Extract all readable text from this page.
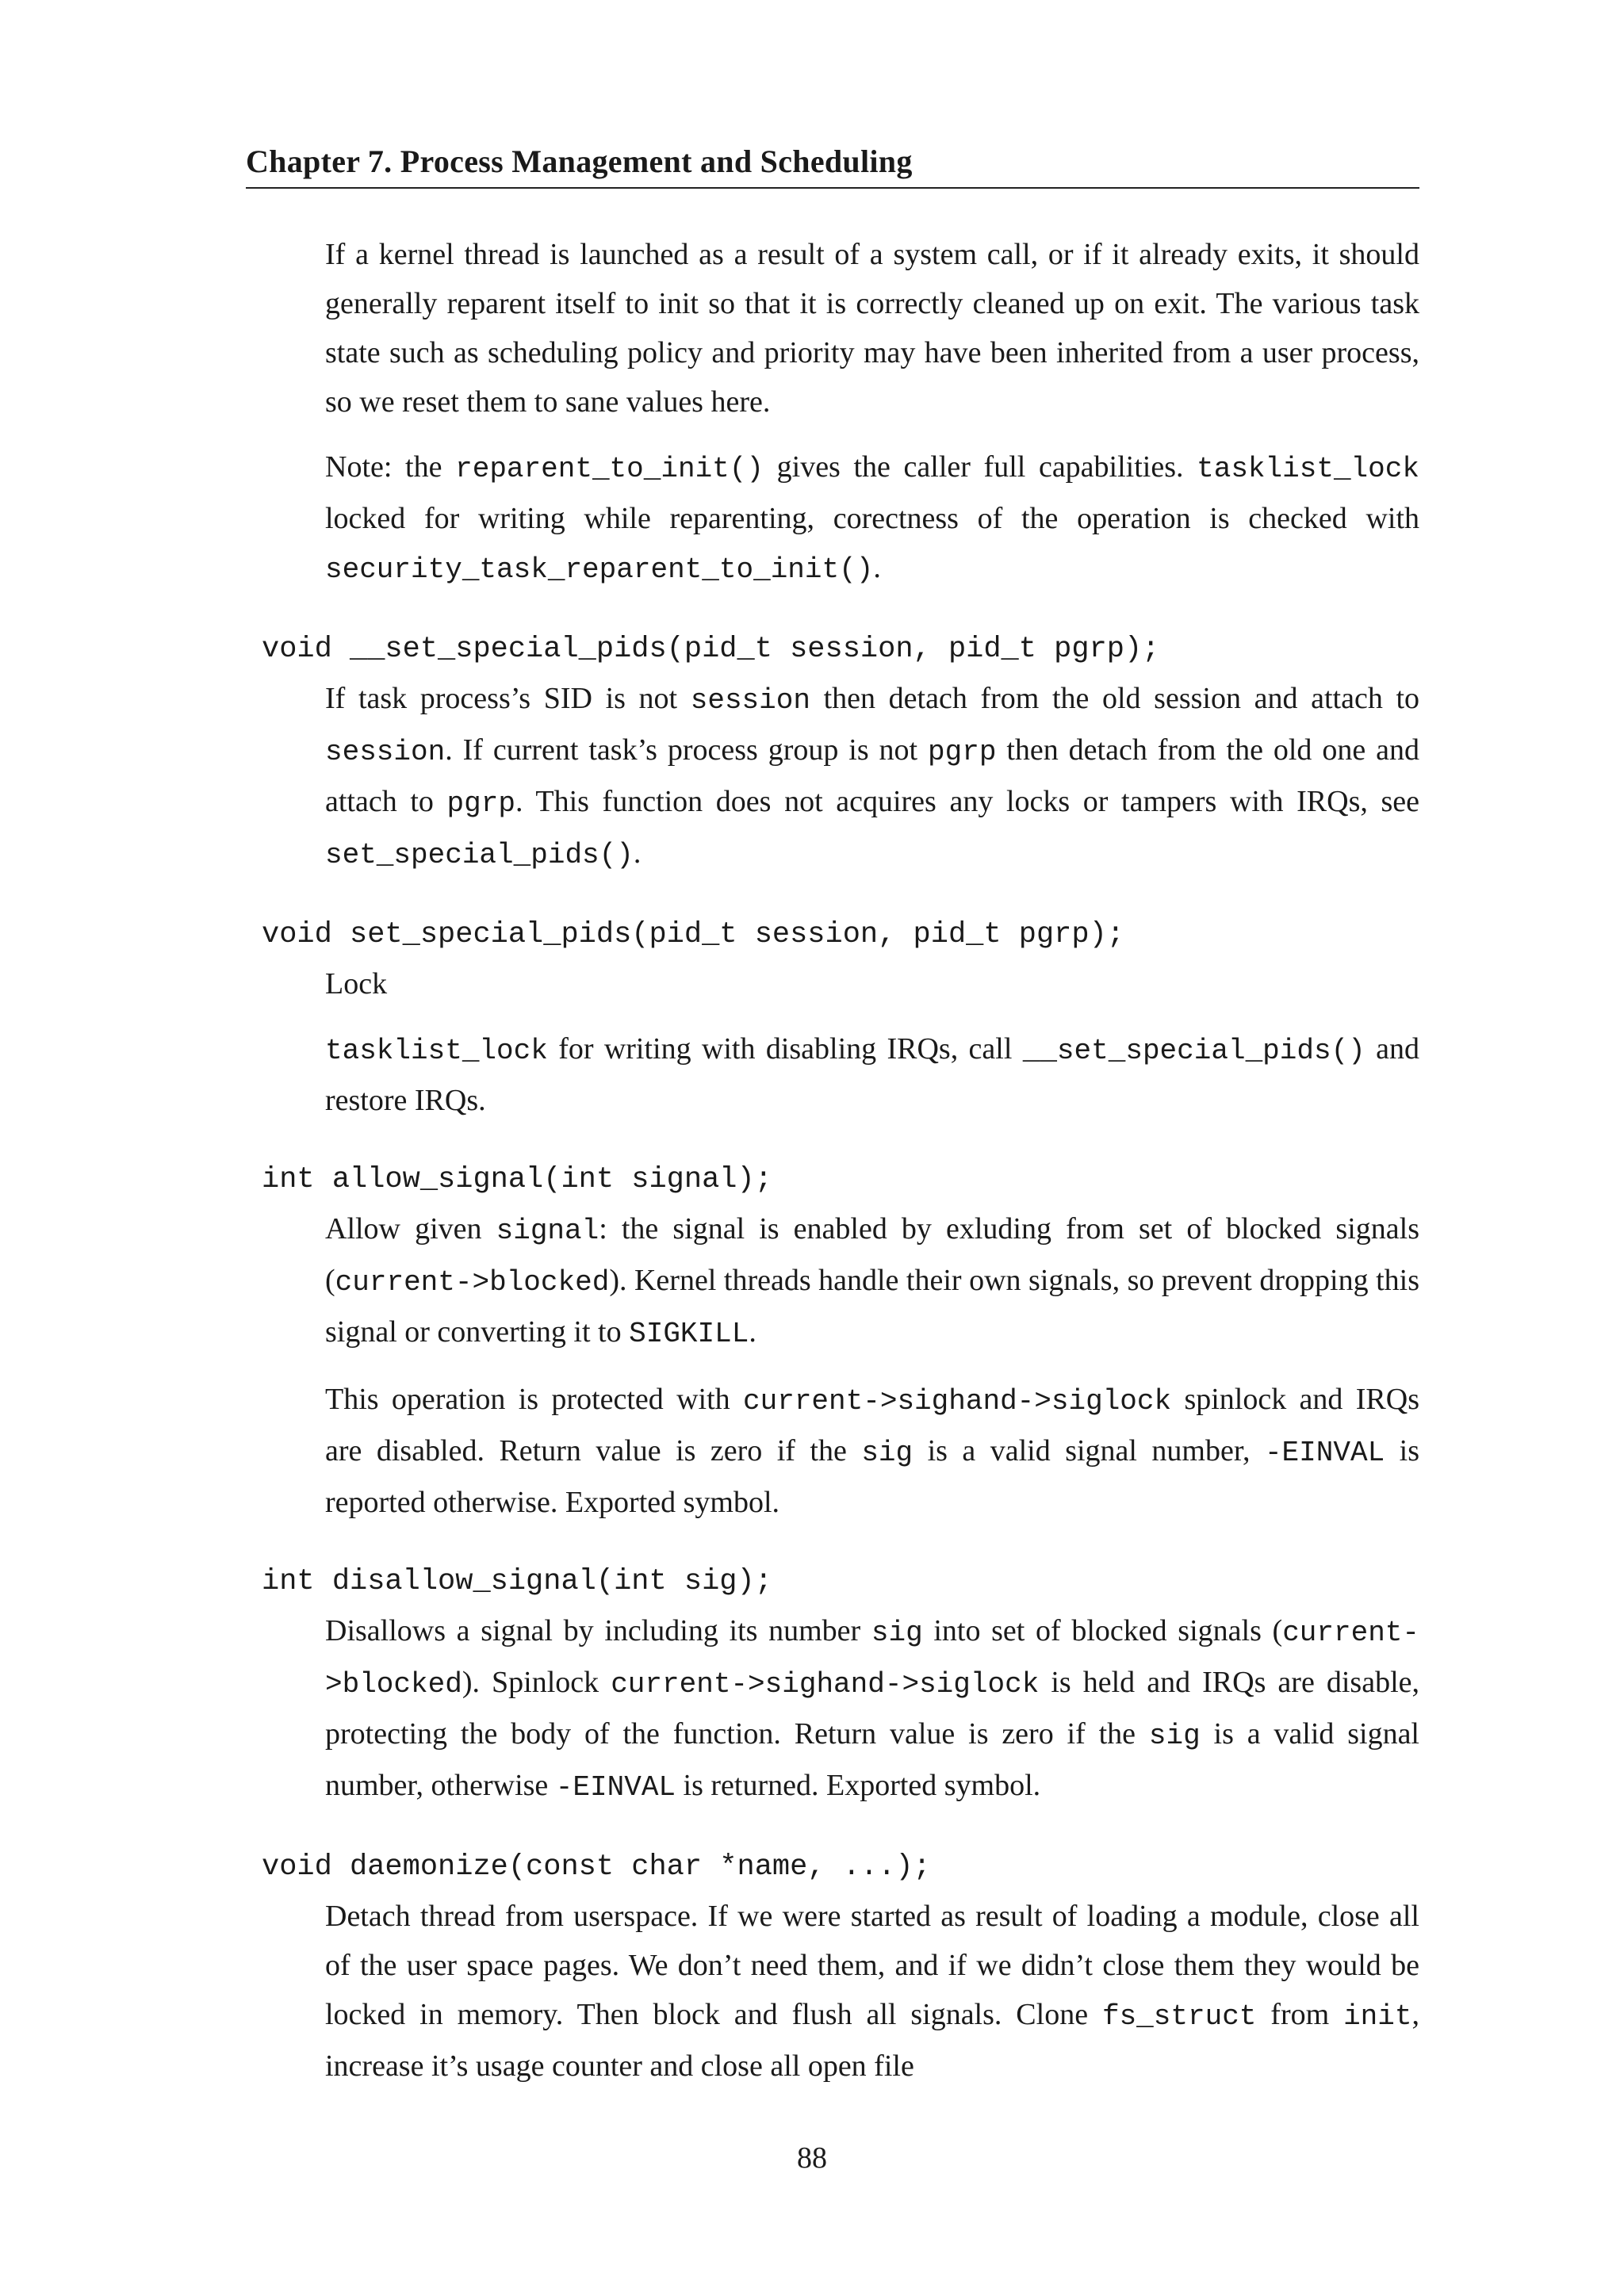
Chapter 7. Process Management and Scheduling

If a kernel thread is launched as a result of a system call, or if it already exits, it should generally reparent itself to init so that it is correctly cleaned up on exit. The various task state such as scheduling policy and priority may have been inherited from a user process, so we reset them to sane values here.

Note: the reparent_to_init() gives the caller full capabilities. tasklist_lock locked for writing while reparenting, corectness of the operation is checked with security_task_reparent_to_init().

void __set_special_pids(pid_t session, pid_t pgrp);

If task process’s SID is not session then detach from the old session and attach to session. If current task’s process group is not pgrp then detach from the old one and attach to pgrp. This function does not acquires any locks or tampers with IRQs, see set_special_pids().

void set_special_pids(pid_t session, pid_t pgrp);

Lock

tasklist_lock for writing with disabling IRQs, call __set_special_pids() and restore IRQs.

int allow_signal(int signal);

Allow given signal: the signal is enabled by exluding from set of blocked signals (current->blocked). Kernel threads handle their own signals, so prevent dropping this signal or converting it to SIGKILL.

This operation is protected with current->sighand->siglock spinlock and IRQs are disabled. Return value is zero if the sig is a valid signal number, -EINVAL is reported otherwise. Exported symbol.

int disallow_signal(int sig);

Disallows a signal by including its number sig into set of blocked signals (current->blocked). Spinlock current->sighand->siglock is held and IRQs are disable, protecting the body of the function. Return value is zero if the sig is a valid signal number, otherwise -EINVAL is returned. Exported symbol.

void daemonize(const char *name, ...);

Detach thread from userspace. If we were started as result of loading a module, close all of the user space pages. We don’t need them, and if we didn’t close them they would be locked in memory. Then block and flush all signals. Clone fs_struct from init, increase it’s usage counter and close all open file

88
